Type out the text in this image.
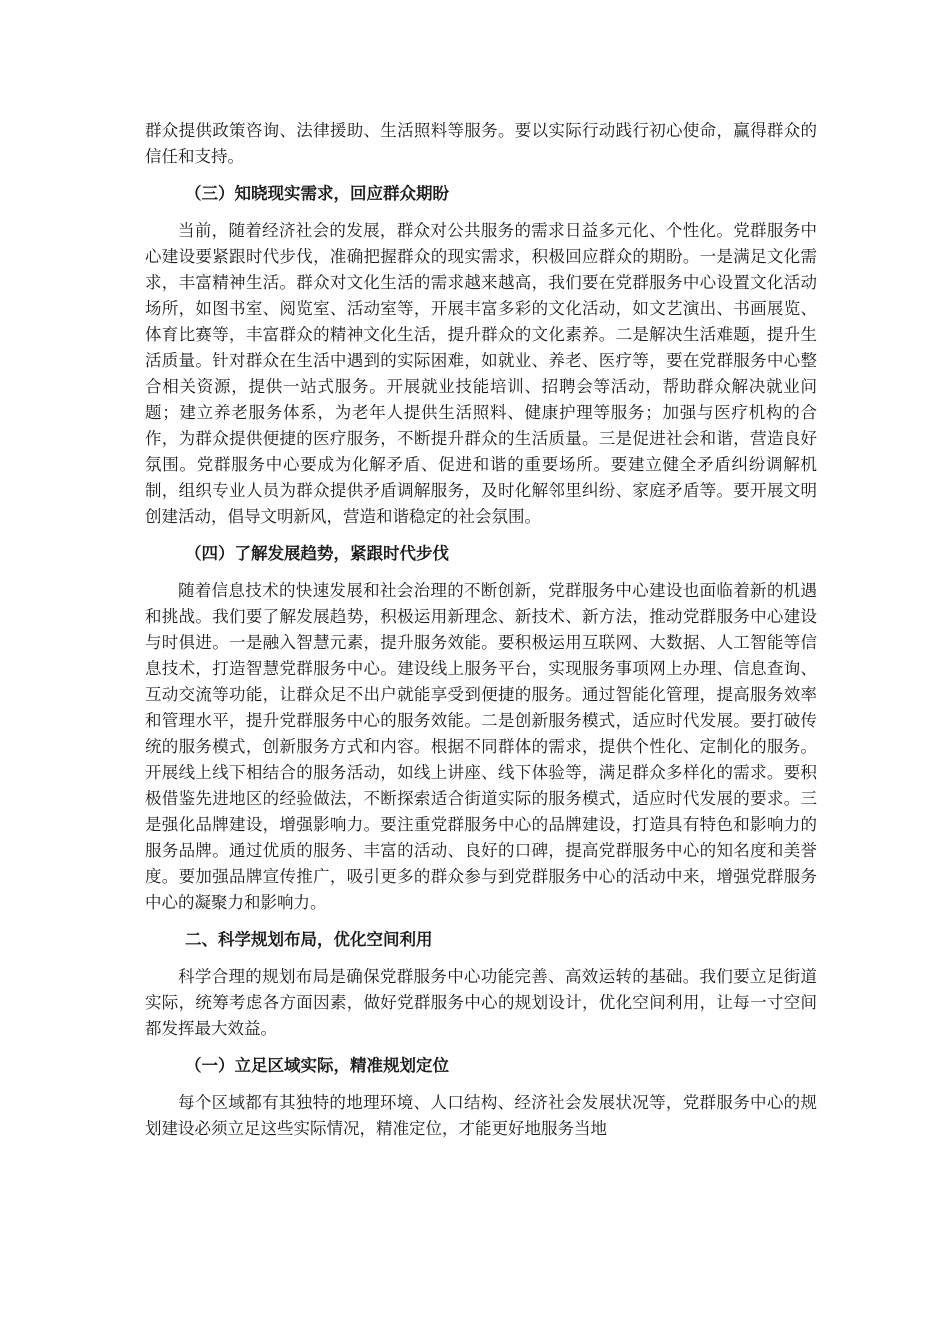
群众提供政策咨询、法律援助、生活照料等服务。要以实际行动践行初心使命，赢得群众的信任和支持。

（三）知晓现实需求，回应群众期盼

当前，随着经济社会的发展，群众对公共服务的需求日益多元化、个性化。党群服务中心建设要紧跟时代步伐，准确把握群众的现实需求，积极回应群众的期盼。一是满足文化需求，丰富精神生活。群众对文化生活的需求越来越高，我们要在党群服务中心设置文化活动场所，如图书室、阅览室、活动室等，开展丰富多彩的文化活动，如文艺演出、书画展览、体育比赛等，丰富群众的精神文化生活，提升群众的文化素养。二是解决生活难题，提升生活质量。针对群众在生活中遇到的实际困难，如就业、养老、医疗等，要在党群服务中心整合相关资源，提供一站式服务。开展就业技能培训、招聘会等活动，帮助群众解决就业问题；建立养老服务体系，为老年人提供生活照料、健康护理等服务；加强与医疗机构的合作，为群众提供便捷的医疗服务，不断提升群众的生活质量。三是促进社会和谐，营造良好氛围。党群服务中心要成为化解矛盾、促进和谐的重要场所。要建立健全矛盾纠纷调解机制，组织专业人员为群众提供矛盾调解服务，及时化解邻里纠纷、家庭矛盾等。要开展文明创建活动，倡导文明新风，营造和谐稳定的社会氛围。

（四）了解发展趋势，紧跟时代步伐

随着信息技术的快速发展和社会治理的不断创新，党群服务中心建设也面临着新的机遇和挑战。我们要了解发展趋势，积极运用新理念、新技术、新方法，推动党群服务中心建设与时俱进。一是融入智慧元素，提升服务效能。要积极运用互联网、大数据、人工智能等信息技术，打造智慧党群服务中心。建设线上服务平台，实现服务事项网上办理、信息查询、互动交流等功能，让群众足不出户就能享受到便捷的服务。通过智能化管理，提高服务效率和管理水平，提升党群服务中心的服务效能。二是创新服务模式，适应时代发展。要打破传统的服务模式，创新服务方式和内容。根据不同群体的需求，提供个性化、定制化的服务。开展线上线下相结合的服务活动，如线上讲座、线下体验等，满足群众多样化的需求。要积极借鉴先进地区的经验做法，不断探索适合街道实际的服务模式，适应时代发展的要求。三是强化品牌建设，增强影响力。要注重党群服务中心的品牌建设，打造具有特色和影响力的服务品牌。通过优质的服务、丰富的活动、良好的口碑，提高党群服务中心的知名度和美誉度。要加强品牌宣传推广，吸引更多的群众参与到党群服务中心的活动中来，增强党群服务中心的凝聚力和影响力。

二、科学规划布局，优化空间利用

科学合理的规划布局是确保党群服务中心功能完善、高效运转的基础。我们要立足街道实际，统筹考虑各方面因素，做好党群服务中心的规划设计，优化空间利用，让每一寸空间都发挥最大效益。

（一）立足区域实际，精准规划定位

每个区域都有其独特的地理环境、人口结构、经济社会发展状况等，党群服务中心的规划建设必须立足这些实际情况，精准定位，才能更好地服务当地
